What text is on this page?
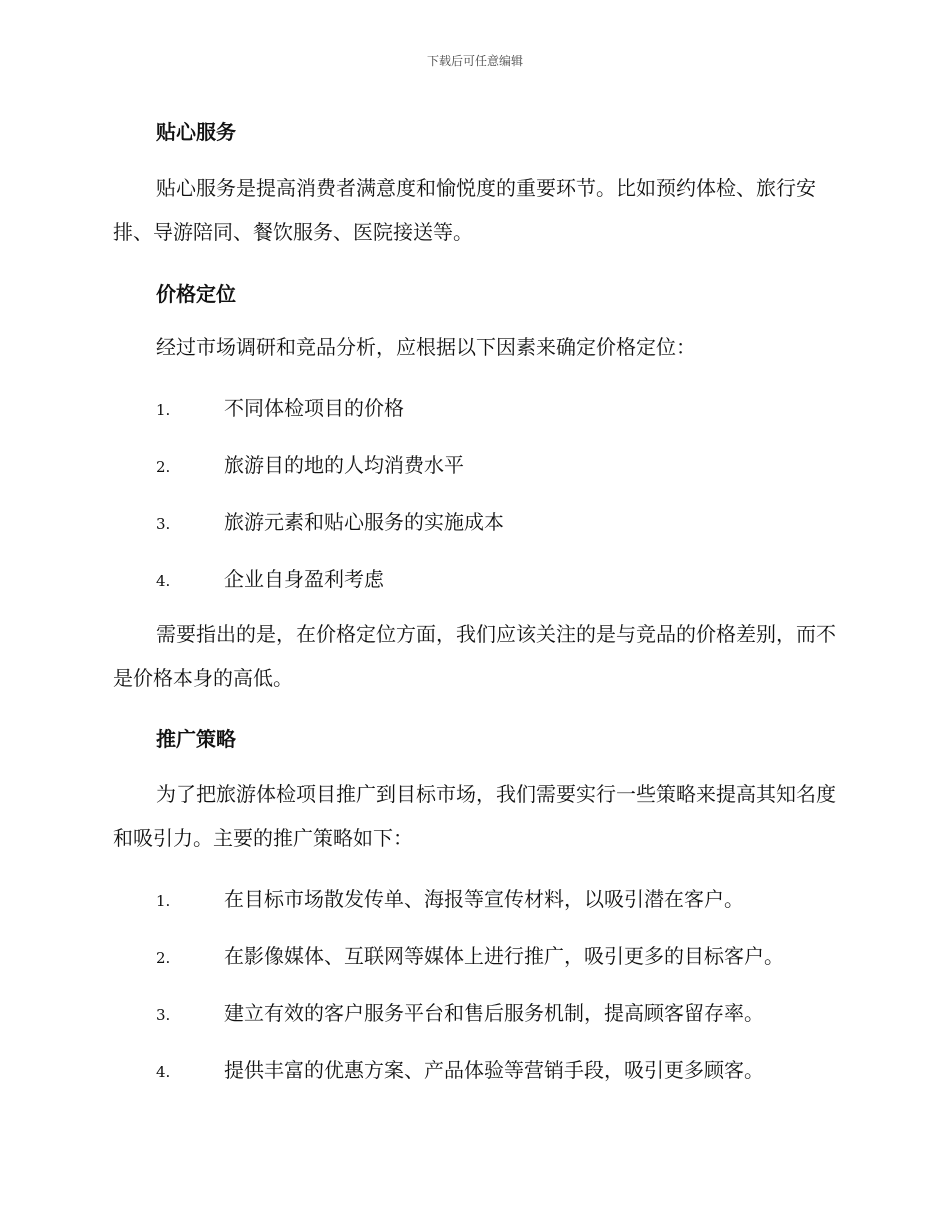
下载后可任意编辑
贴心服务
贴心服务是提高消费者满意度和愉悦度的重要环节。比如预约体检、旅行安排、导游陪同、餐饮服务、医院接送等。
价格定位
经过市场调研和竞品分析，应根据以下因素来确定价格定位：
1.	不同体检项目的价格
2.	旅游目的地的人均消费水平
3.	旅游元素和贴心服务的实施成本
4.	企业自身盈利考虑
需要指出的是，在价格定位方面，我们应该关注的是与竞品的价格差别，而不是价格本身的高低。
推广策略
为了把旅游体检项目推广到目标市场，我们需要实行一些策略来提高其知名度和吸引力。主要的推广策略如下：
1.	在目标市场散发传单、海报等宣传材料，以吸引潜在客户。
2.	在影像媒体、互联网等媒体上进行推广，吸引更多的目标客户。
3.	建立有效的客户服务平台和售后服务机制，提高顾客留存率。
4.	提供丰富的优惠方案、产品体验等营销手段，吸引更多顾客。
